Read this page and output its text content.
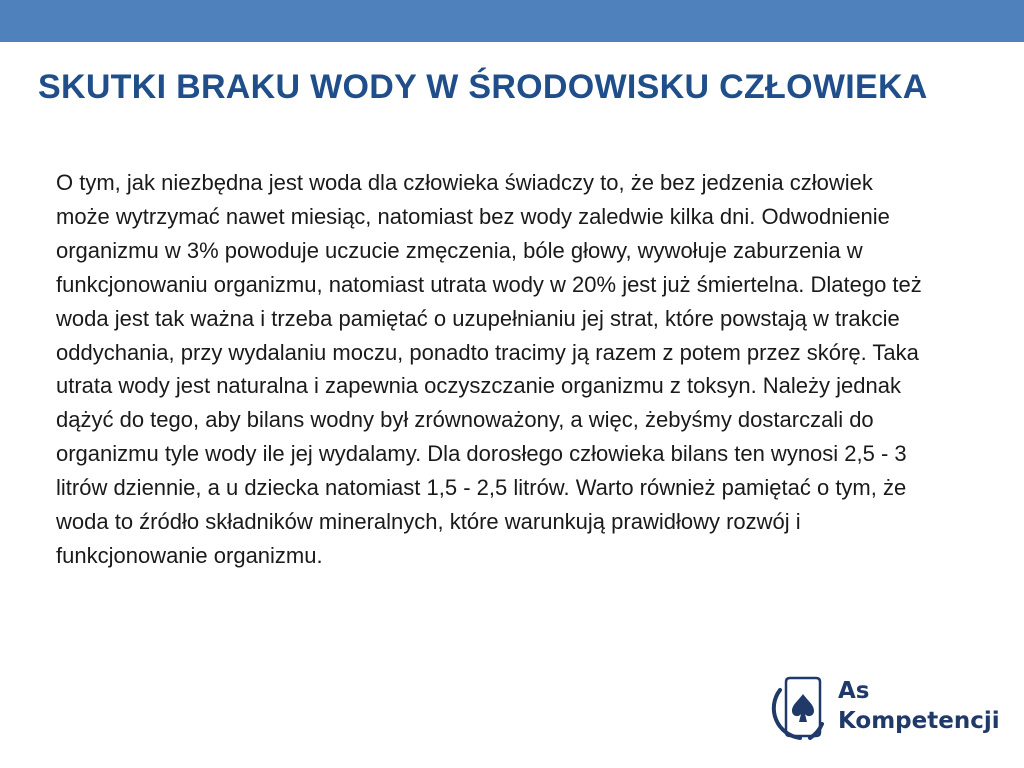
SKUTKI BRAKU WODY W ŚRODOWISKU CZŁOWIEKA

O tym, jak niezbędna jest woda dla człowieka świadczy to, że bez jedzenia człowiek może wytrzymać nawet miesiąc, natomiast bez wody zaledwie kilka dni. Odwodnienie organizmu w 3% powoduje uczucie zmęczenia, bóle głowy, wywołuje zaburzenia w funkcjonowaniu organizmu, natomiast utrata wody w 20% jest już śmiertelna. Dlatego też woda jest tak ważna i trzeba pamiętać o uzupełnianiu jej strat, które powstają w trakcie oddychania, przy wydalaniu moczu, ponadto tracimy ją razem z potem przez skórę. Taka utrata wody jest naturalna i zapewnia oczyszczanie organizmu z toksyn. Należy jednak dążyć do tego, aby bilans wodny był zrównoważony, a więc, żebyśmy dostarczali do organizmu tyle wody ile jej wydalamy. Dla dorosłego człowieka bilans ten wynosi 2,5 - 3 litrów dziennie, a u dziecka natomiast 1,5 - 2,5 litrów. Warto również pamiętać o tym, że woda to źródło składników mineralnych, które warunkują prawidłowy rozwój i funkcjonowanie organizmu.

As
Kompetencji
